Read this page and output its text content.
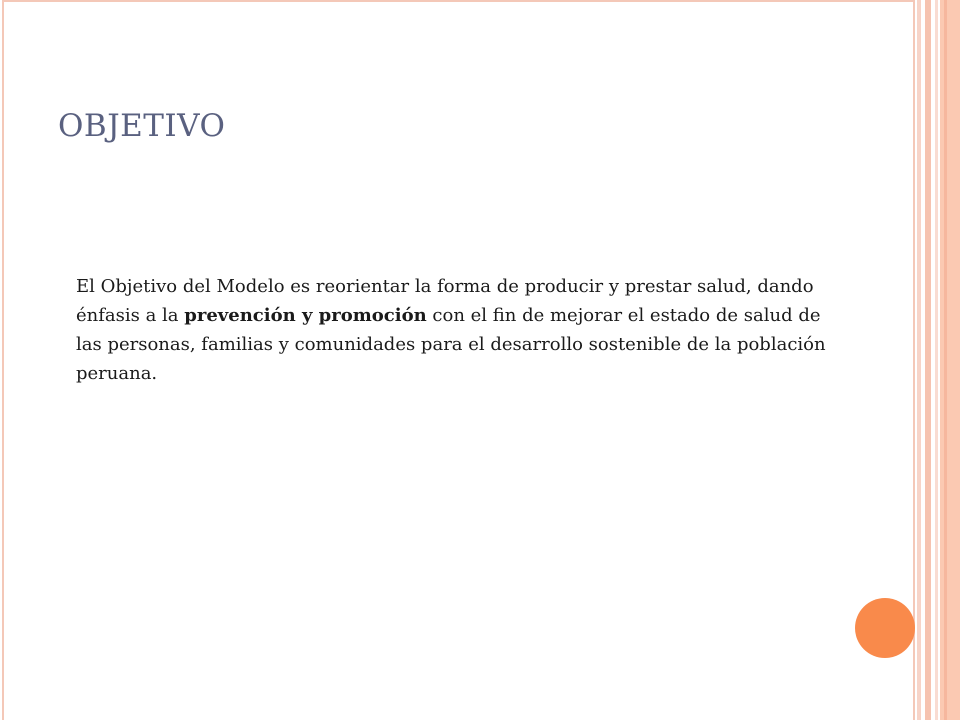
OBJETIVO

El Objetivo del Modelo es reorientar la forma de producir y prestar salud, dando énfasis a la prevención y promoción con el fin de mejorar el estado de salud de las personas, familias y comunidades para el desarrollo sostenible de la población peruana.
